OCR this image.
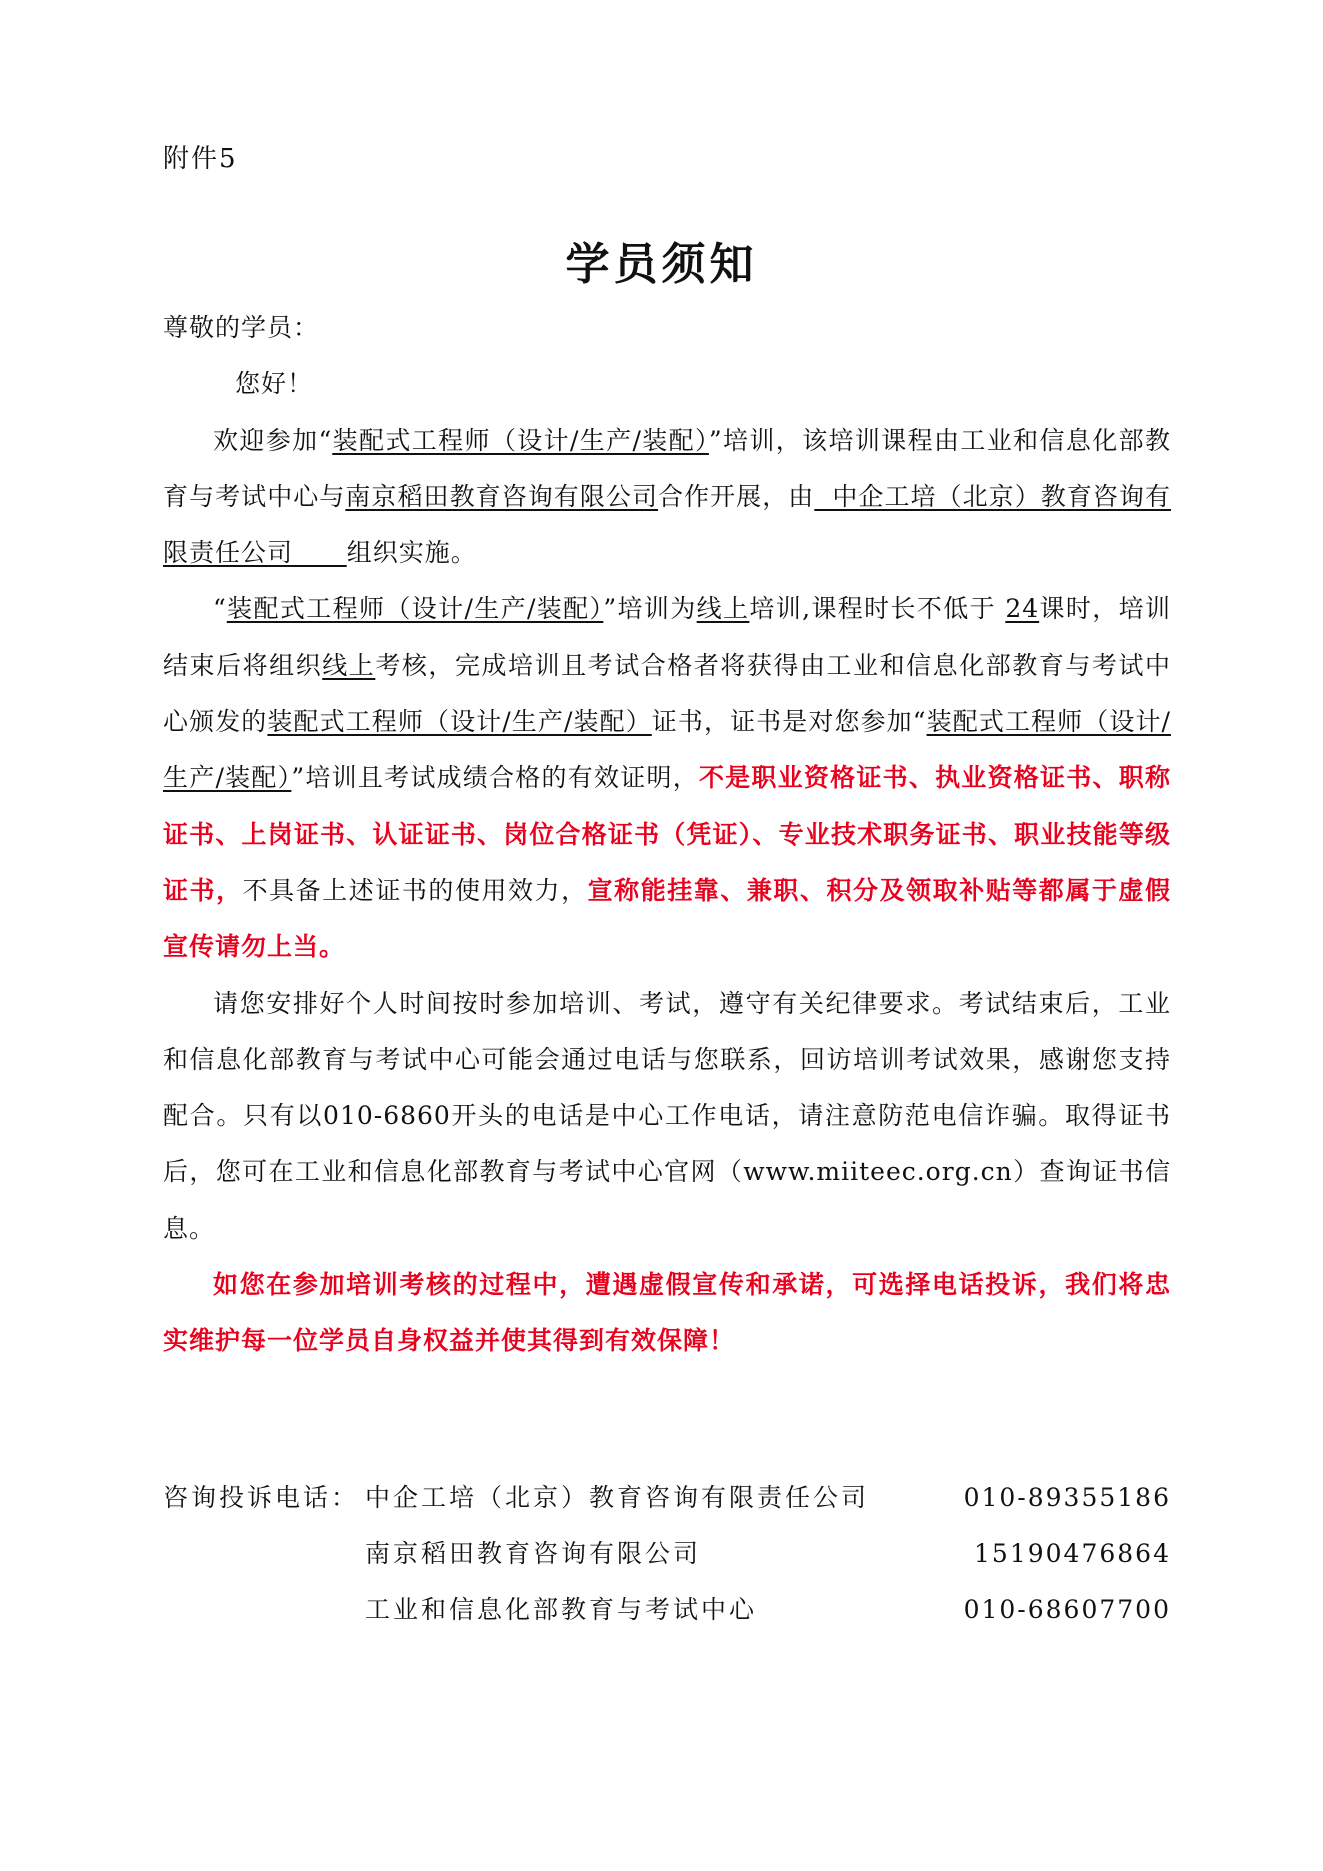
附件5
学员须知

尊敬的学员：

您好！

欢迎参加“装配式工程师（设计/生产/装配）”培训，该培训课程由工业和信息化部教育与考试中心与南京稻田教育咨询有限公司合作开展，由  中企工培（北京）教育咨询有限责任公司      组织实施。

“装配式工程师（设计/生产/装配）”培训为线上培训,课程时长不低于 24课时，培训结束后将组织线上考核，完成培训且考试合格者将获得由工业和信息化部教育与考试中心颁发的装配式工程师（设计/生产/装配）证书，证书是对您参加“装配式工程师（设计/生产/装配）”培训且考试成绩合格的有效证明，不是职业资格证书、执业资格证书、职称证书、上岗证书、认证证书、岗位合格证书（凭证）、专业技术职务证书、职业技能等级证书，不具备上述证书的使用效力，宣称能挂靠、兼职、积分及领取补贴等都属于虚假宣传请勿上当。

请您安排好个人时间按时参加培训、考试，遵守有关纪律要求。考试结束后，工业和信息化部教育与考试中心可能会通过电话与您联系，回访培训考试效果，感谢您支持配合。只有以010-6860开头的电话是中心工作电话，请注意防范电信诈骗。取得证书后，您可在工业和信息化部教育与考试中心官网（www.miiteec.org.cn）查询证书信息。

如您在参加培训考核的过程中，遭遇虚假宣传和承诺，可选择电话投诉，我们将忠实维护每一位学员自身权益并使其得到有效保障！

咨询投诉电话： 中企工培（北京）教育咨询有限责任公司	010-89355186
南京稻田教育咨询有限公司	15190476864
工业和信息化部教育与考试中心	010-68607700
